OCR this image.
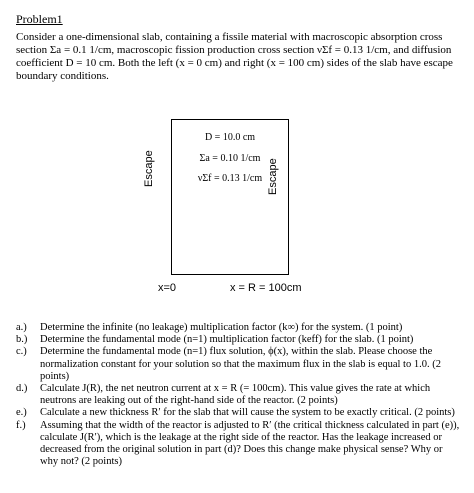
Problem1

Consider a one-dimensional slab, containing a fissile material with macroscopic absorption cross section Σa = 0.1 1/cm, macroscopic fission production cross section νΣf = 0.13 1/cm, and diffusion coefficient D = 10 cm. Both the left (x = 0 cm) and right (x = 100 cm) sides of the slab have escape boundary conditions.

D = 10.0 cm
Σa = 0.10 1/cm
νΣf = 0.13 1/cm
Escape	Escape
x=0	x = R = 100cm
a.)	Determine the infinite (no leakage) multiplication factor (k∞) for the system. (1 point)
b.)	Determine the fundamental mode (n=1) multiplication factor (keff) for the slab. (1 point)
c.)	Determine the fundamental mode (n=1) flux solution, ϕ(x), within the slab. Please choose the normalization constant for your solution so that the maximum flux in the slab is equal to 1.0. (2 points)
d.)	Calculate J(R), the net neutron current at x = R (= 100cm). This value gives the rate at which neutrons are leaking out of the right-hand side of the reactor. (2 points)
e.)	Calculate a new thickness R′ for the slab that will cause the system to be exactly critical. (2 points)
f.)	Assuming that the width of the reactor is adjusted to R′ (the critical thickness calculated in part (e)), calculate J(R′), which is the leakage at the right side of the reactor. Has the leakage increased or decreased from the original solution in part (d)? Does this change make physical sense? Why or why not? (2 points)
